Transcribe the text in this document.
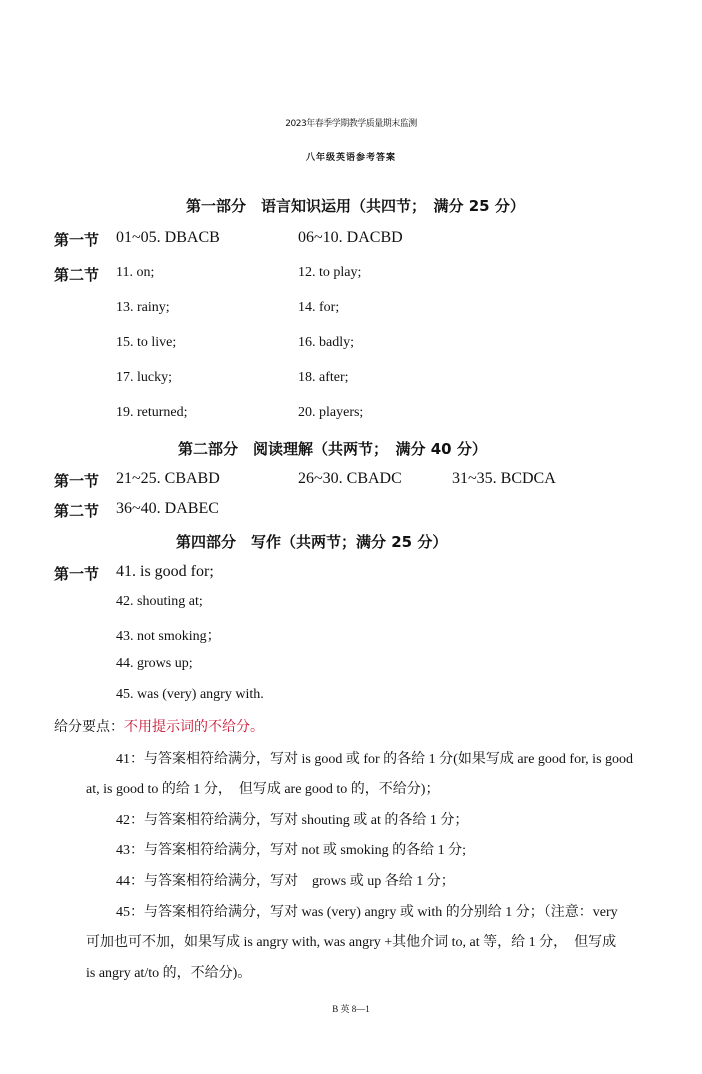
2023年春季学期教学质量期末监测
八年级英语参考答案
第一部分　语言知识运用（共四节；　满分 25 分）
第一节 01~05. DBACB	06~10. DACBD
第二节 11. on;	12. to play;
13. rainy;	14. for;
15. to live;	16. badly;
17. lucky;	18. after;
19. returned;	20. players;
第二部分　阅读理解（共两节；　满分 40 分）
第一节 21~25. CBABD	26~30. CBADC	31~35. BCDCA
第二节 36~40. DABEC
第四部分　写作（共两节；满分 25 分）
第一节 41. is good for;
42. shouting at;
43. not smoking；
44. grows up;
45. was (very) angry with.
给分要点：不用提示词的不给分。
41：与答案相符给满分，写对 is good 或 for 的各给 1 分(如果写成 are good for, is good
at, is good to 的给 1 分，　但写成 are good to 的，不给分)；
42：与答案相符给满分，写对 shouting 或 at 的各给 1 分；
43：与答案相符给满分，写对 not 或 smoking 的各给 1 分;
44：与答案相符给满分，写对　grows 或 up 各给 1 分；
45：与答案相符给满分，写对 was (very) angry 或 with 的分别给 1 分；（注意：very
可加也可不加，如果写成 is angry with, was angry +其他介词 to, at 等，给 1 分，　但写成
is angry at/to 的，不给分)。
B 英 8—1
